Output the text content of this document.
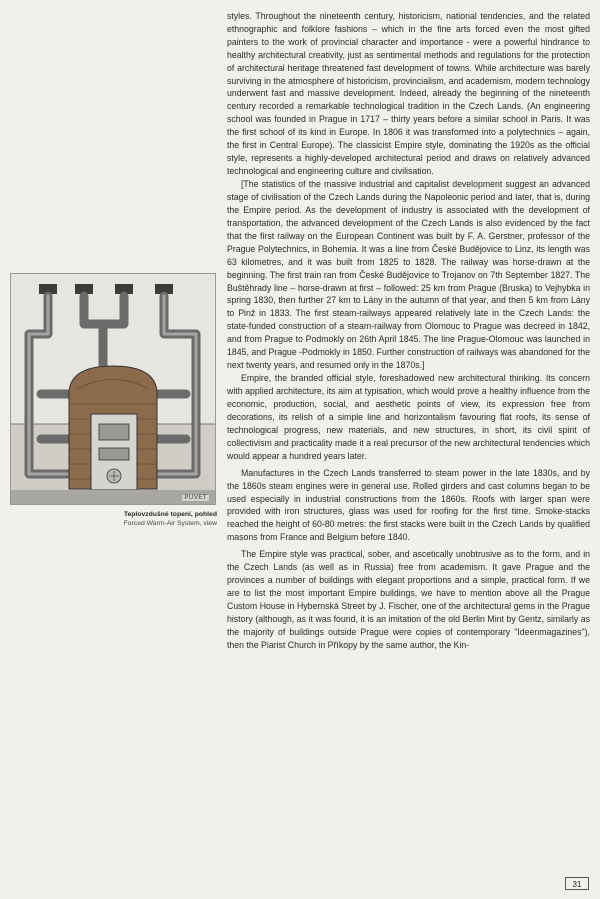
styles. Throughout the nineteenth century, historicism, national tendencies, and the related ethnographic and folklore fashions – which in the fine arts forced even the most gifted painters to the work of provincial character and importance - were a powerful hindrance to healthy architectural creativity, just as sentimental methods and regulations for the protection of architectural heritage threatened fast development of towns. While architecture was barely surviving in the atmosphere of historicism, provincialism, and academism, modern technology underwent fast and massive development. Indeed, already the beginning of the nineteenth century recorded a remarkable technological tradition in the Czech Lands. (An engineering school was founded in Prague in 1717 – thirty years before a similar school in Paris. It was the first school of its kind in Europe. In 1806 it was transformed into a polytechnics – again, the first in Central Europe). The classicist Empire style, dominating the 1920s as the official style, represents a highly-developed architectural period and draws on relatively advanced technological and engineering culture and civilisation.

[The statistics of the massive industrial and capitalist development suggest an advanced stage of civilisation of the Czech Lands during the Napoleonic period and later, that is, during the Empire period. As the development of industry is associated with the development of transportation, the advanced development of the Czech Lands is also evidenced by the fact that the first railway on the European Continent was built by F. A. Gerstner, professor of the Prague Polytechnics, in Bohemia. It was a line from České Budějovice to Linz, its length was 63 kilometres, and it was built from 1825 to 1828. The railway was horse-drawn at the beginning. The first train ran from České Budějovice to Trojanov on 7th September 1827. The Buštěhrady line – horse-drawn at first – followed: 25 km from Prague (Bruska) to Vejhybka in spring 1830, then further 27 km to Lány in the autumn of that year, and then 5 km from Lány to Pinž in 1833. The first steam-railways appeared relatively late in the Czech Lands: the state-funded construction of a steam-railway from Olomouc to Prague was decreed in 1842, and from Prague to Podmokly on 26th April 1845. The line Prague-Olomouc was launched in 1845, and Prague -Podmokly in 1850. Further construction of railways was abandoned for the next twenty years, and resumed only in the 1870s.]

Empire, the branded official style, foreshadowed new architectural thinking. Its concern with applied architecture, its aim at typisation, which would prove a healthy influence from the economic, production, social, and aesthetic points of view, its expression free from decorations, its relish of a simple line and horizontalism favouring flat roofs, its sense of technological progress, new materials, and new structures, in short, its civil spirit of collectivism and practicality made it a real precursor of the new architectural tendencies which would appear a hundred years later.

Manufactures in the Czech Lands transferred to steam power in the late 1830s, and by the 1860s steam engines were in general use. Rolled girders and cast columns began to be used especially in industrial constructions from the 1860s. Roofs with larger span were provided with iron structures, glass was used for roofing for the first time. Smoke-stacks reached the height of 60-80 metres: the first stacks were built in the Czech Lands by qualified masons from France and Belgium before 1840.

The Empire style was practical, sober, and ascetically unobtrusive as to the form, and in the Czech Lands (as well as in Russia) free from academism. It gave Prague and the provinces a number of buildings with elegant proportions and a simple, practical form. If we are to list the most important Empire buildings, we have to mention above all the Prague Custom House in Hybernská Street by J. Fischer, one of the architectural gems in the Prague history (although, as it was found, it is an imitation of the old Berlin Mint by Gentz, similarly as the majority of buildings outside Prague were copies of contemporary "Ideenmagazines"), then the Piarist Church in Příkopy by the same author, the Kin-

PUVET
Teplovzdušné topení, pohled
Forced Warm-Air System, view
31
